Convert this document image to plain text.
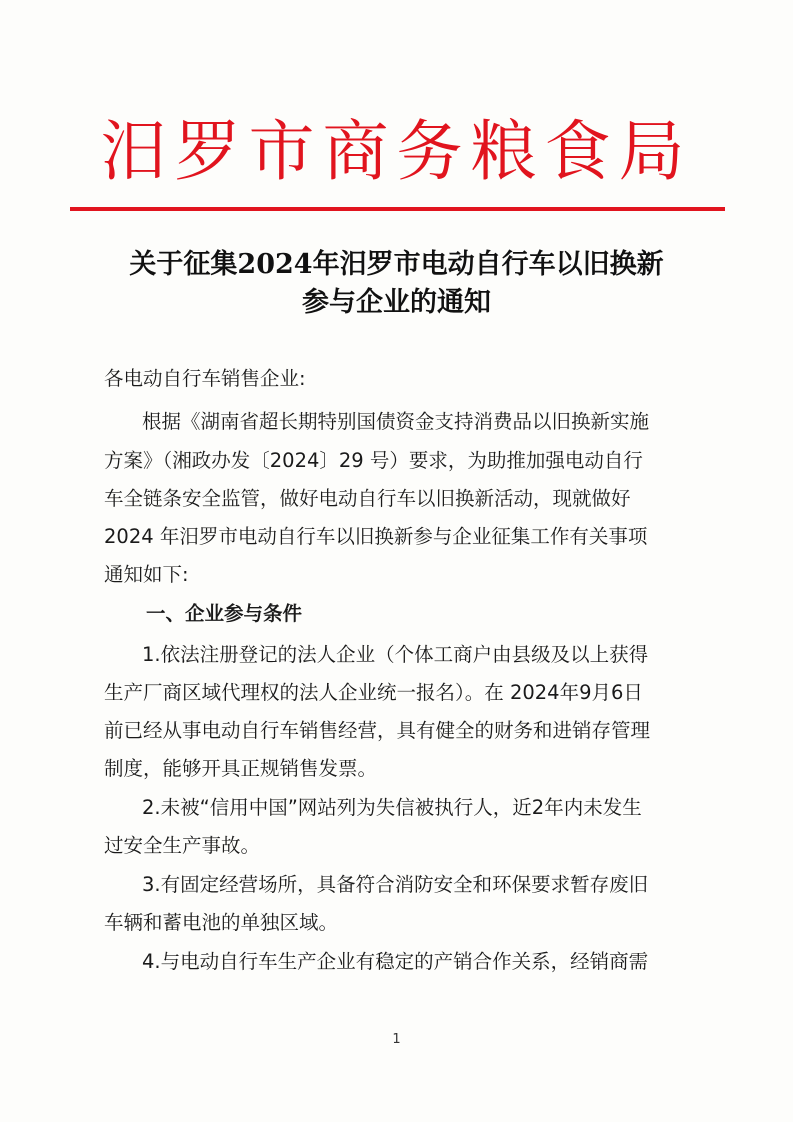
汨罗市商务粮食局
关于征集2024年汨罗市电动自行车以旧换新
参与企业的通知
各电动自行车销售企业:
根据《湖南省超长期特别国债资金支持消费品以旧换新实施
方案》（湘政办发〔2024〕29 号）要求，为助推加强电动自行
车全链条安全监管，做好电动自行车以旧换新活动，现就做好
2024 年汨罗市电动自行车以旧换新参与企业征集工作有关事项
通知如下:
一、企业参与条件
1.依法注册登记的法人企业（个体工商户由县级及以上获得
生产厂商区域代理权的法人企业统一报名）。在 2024年9月6日
前已经从事电动自行车销售经营，具有健全的财务和进销存管理
制度，能够开具正规销售发票。
2.未被“信用中国”网站列为失信被执行人，近2年内未发生
过安全生产事故。
3.有固定经营场所，具备符合消防安全和环保要求暂存废旧
车辆和蓄电池的单独区域。
4.与电动自行车生产企业有稳定的产销合作关系，经销商需
1
